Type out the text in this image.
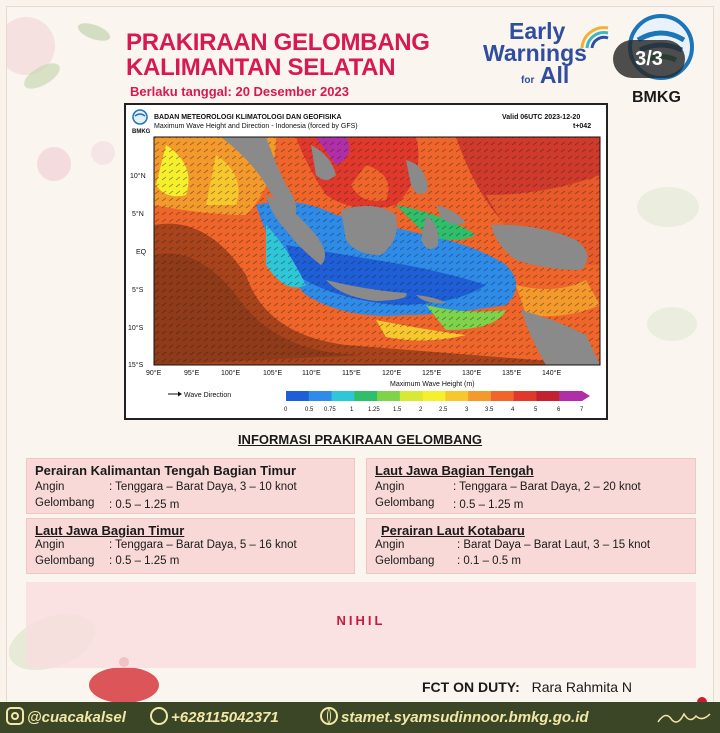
PRAKIRAAN GELOMBANG
KALIMANTAN SELATAN
Berlaku tanggal: 20 Desember 2023
Early
Warnings
for All
3/3
BMKG
BMKG
BADAN METEOROLOGI KLIMATOLOGI DAN GEOFISIKA
Maximum Wave Height and Direction - Indonesia (forced by GFS)
Valid 06UTC 2023-12-20
t+042
10°N
5°N
EQ
5°S
10°S
15°S
90°E	95°E	100°E	105°E	110°E	115°E	120°E	125°E	130°E	135°E	140°E
Maximum Wave Height (m)
0	0.5 0.75 1 1.25 1.5	2	2.5	3	3.5	4	5	6	7
Wave Direction
INFORMASI PRAKIRAAN GELOMBANG
Perairan Kalimantan Tengah Bagian Timur
Angin	: Tenggara – Barat Daya, 3 – 10 knot
Gelombang : 0.5 – 1.25 m
Laut Jawa Bagian Tengah
Angin	: Tenggara – Barat Daya, 2 – 20 knot
Gelombang : 0.5 – 1.25 m
Laut Jawa Bagian Timur
Angin	: Tenggara – Barat Daya, 5 – 16 knot
Gelombang : 0.5 – 1.25 m
Perairan Laut Kotabaru
Angin	: Barat Daya – Barat Laut, 3 – 15 knot
Gelombang : 0.1 – 0.5 m
NIHIL
FCT ON DUTY: Rara Rahmita N
@cuacakalsel	+628115042371	stamet.syamsudinnoor.bmkg.go.id
